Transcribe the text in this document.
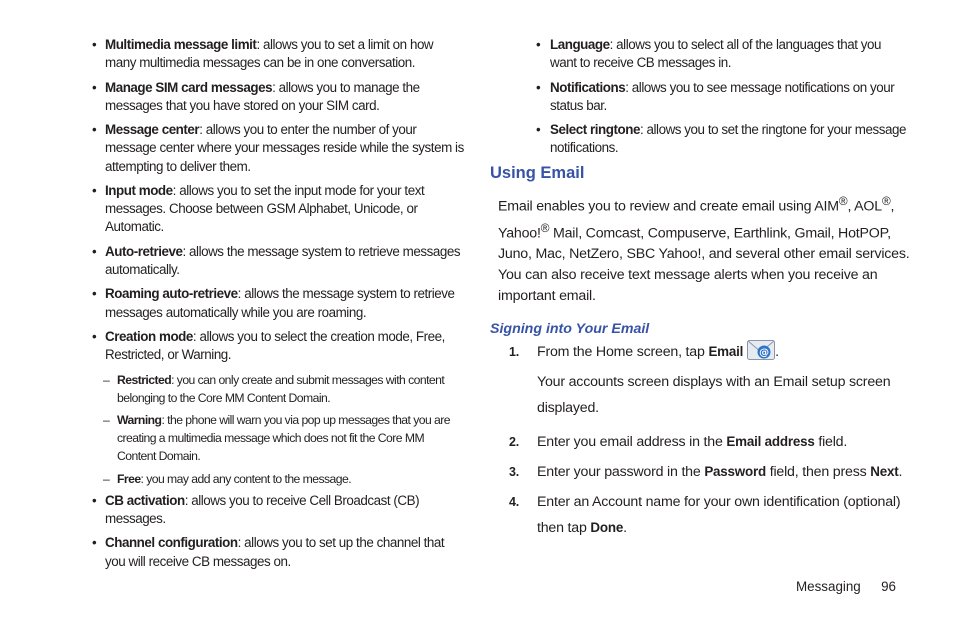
• Multimedia message limit: allows you to set a limit on how many multimedia messages can be in one conversation.
• Manage SIM card messages: allows you to manage the messages that you have stored on your SIM card.
• Message center: allows you to enter the number of your message center where your messages reside while the system is attempting to deliver them.
• Input mode: allows you to set the input mode for your text messages. Choose between GSM Alphabet, Unicode, or Automatic.
• Auto-retrieve: allows the message system to retrieve messages automatically.
• Roaming auto-retrieve: allows the message system to retrieve messages automatically while you are roaming.
• Creation mode: allows you to select the creation mode, Free, Restricted, or Warning.
– Restricted: you can only create and submit messages with content belonging to the Core MM Content Domain.
– Warning: the phone will warn you via pop up messages that you are creating a multimedia message which does not fit the Core MM Content Domain.
– Free: you may add any content to the message.
• CB activation: allows you to receive Cell Broadcast (CB) messages.
• Channel configuration: allows you to set up the channel that you will receive CB messages on.
• Language: allows you to select all of the languages that you want to receive CB messages in.
• Notifications: allows you to see message notifications on your status bar.
• Select ringtone: allows you to set the ringtone for your message notifications.
Using Email
Email enables you to review and create email using AIM®, AOL®, Yahoo!® Mail, Comcast, Compuserve, Earthlink, Gmail, HotPOP, Juno, Mac, NetZero, SBC Yahoo!, and several other email services. You can also receive text message alerts when you receive an important email.
Signing into Your Email
1. From the Home screen, tap Email @ .
Your accounts screen displays with an Email setup screen displayed.
2. Enter you email address in the Email address field.
3. Enter your password in the Password field, then press Next.
4. Enter an Account name for your own identification (optional) then tap Done.
Messaging 96
